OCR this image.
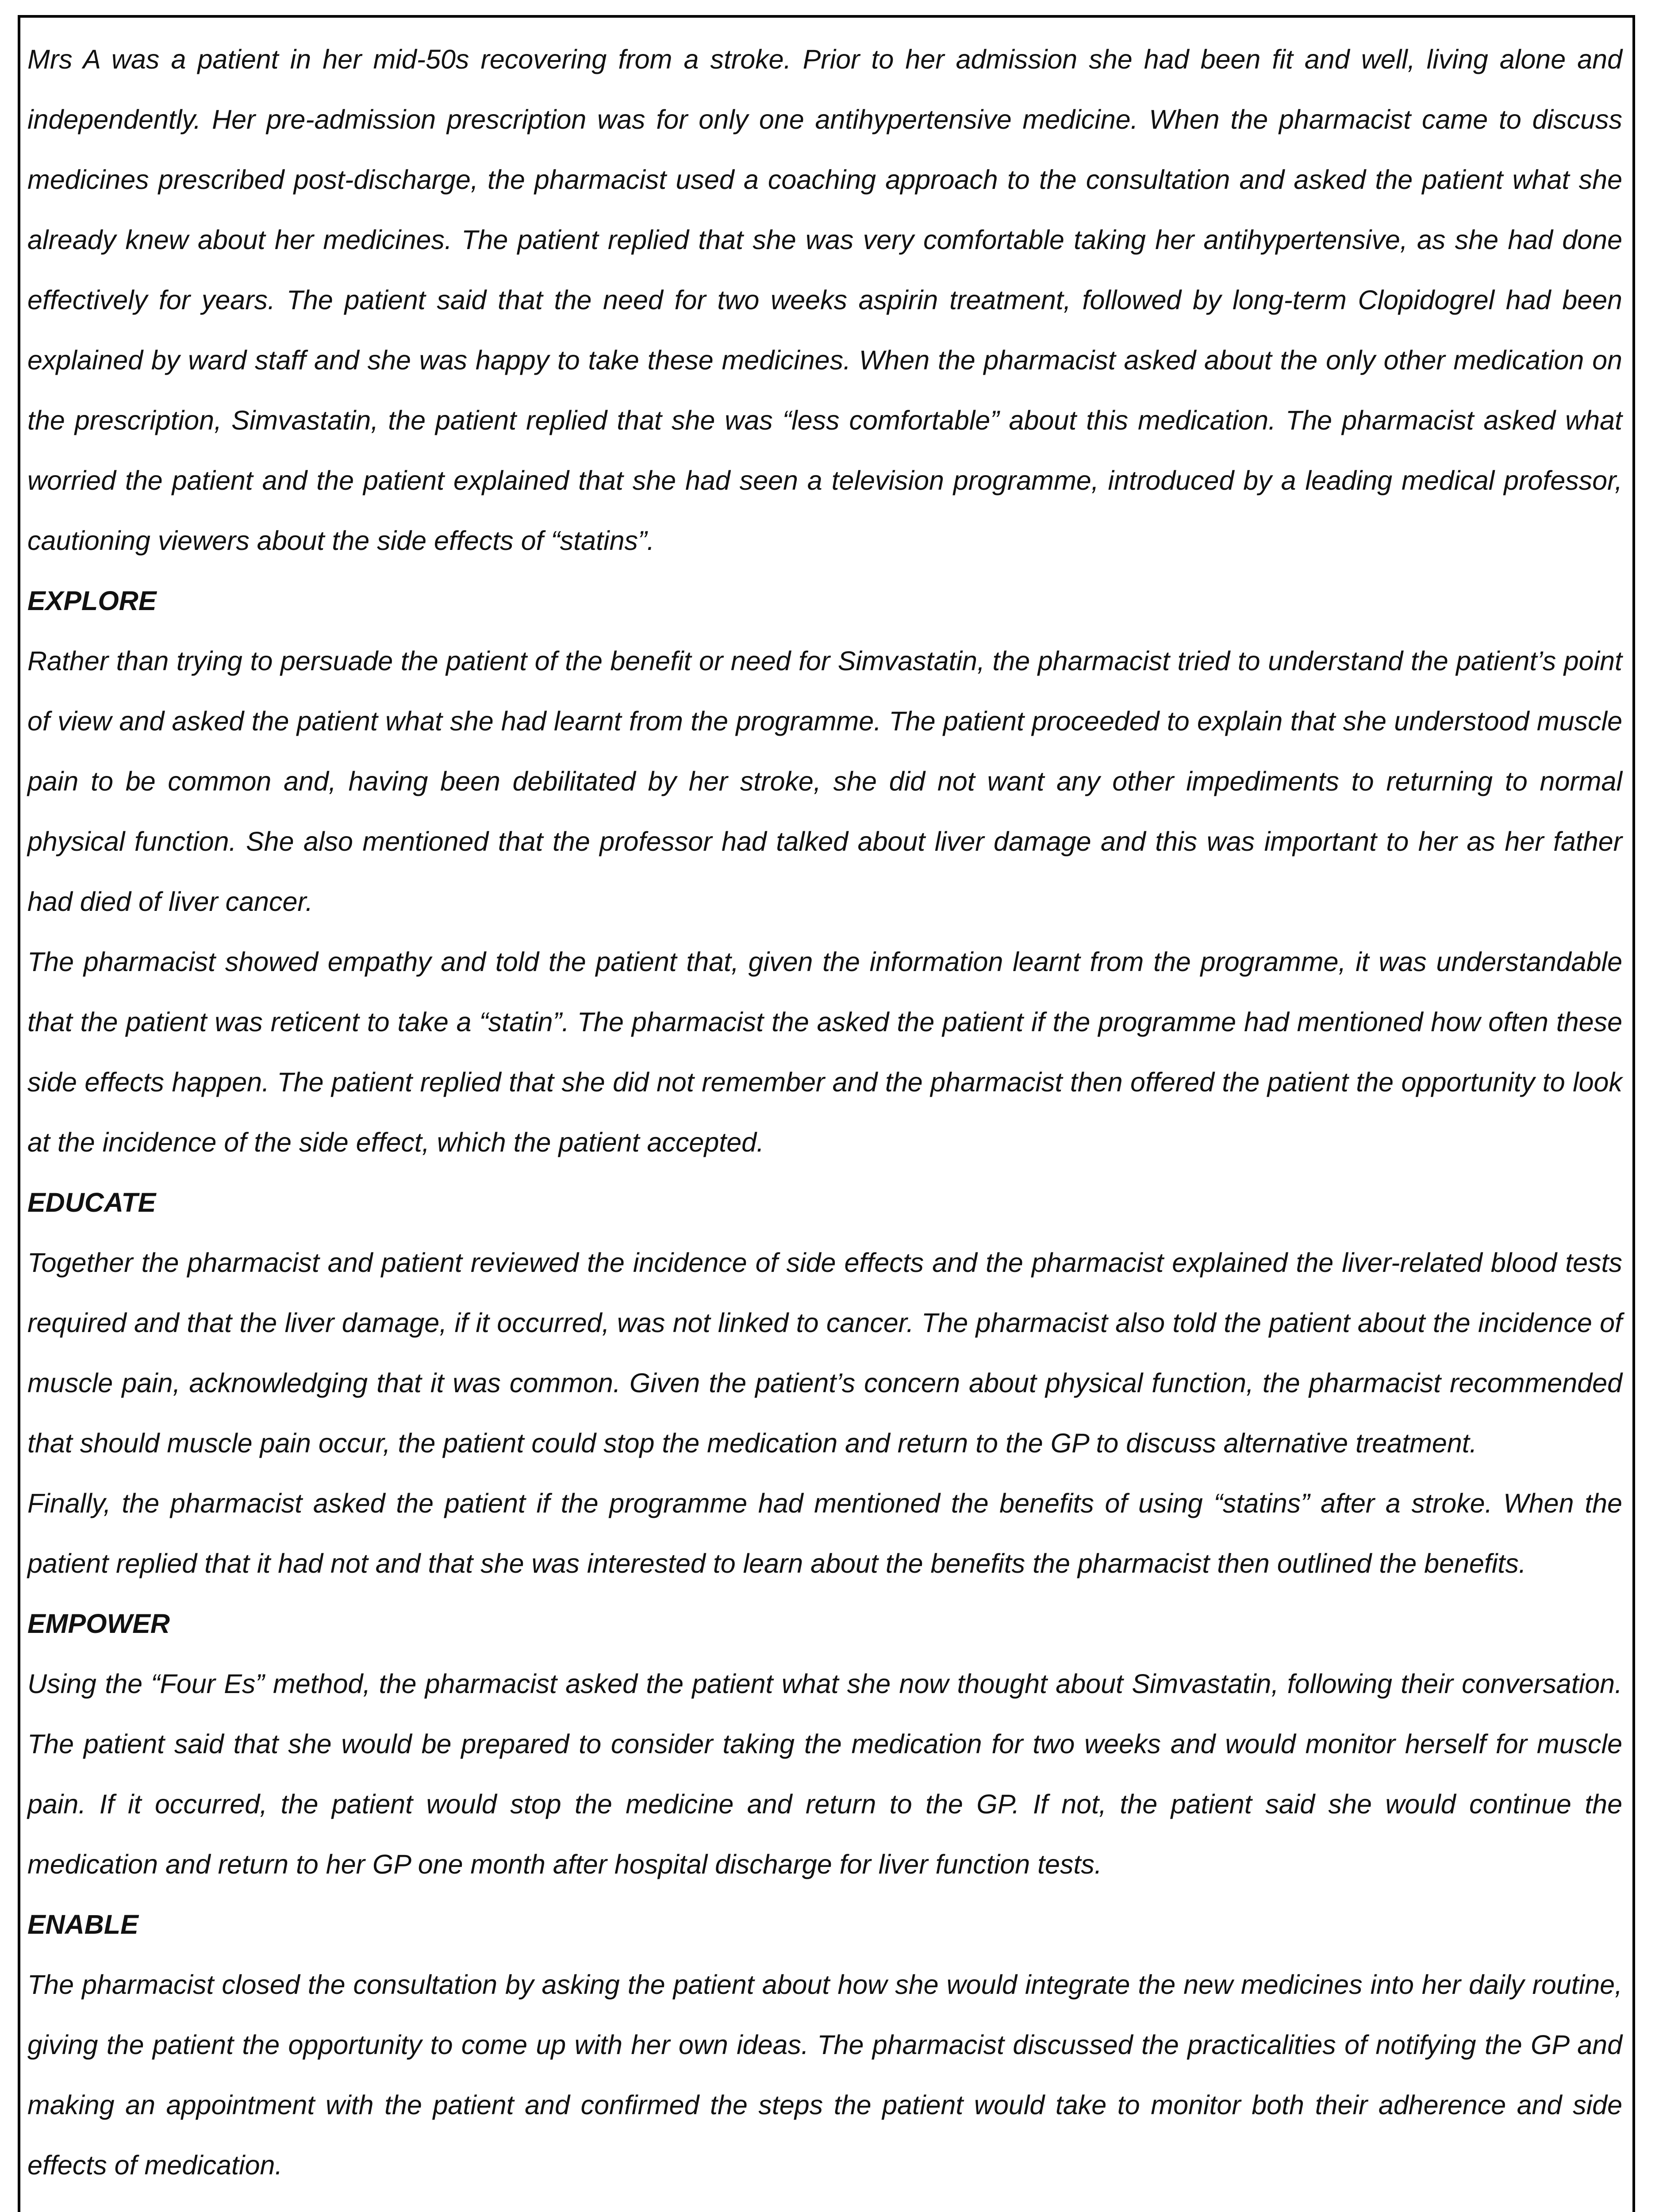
Mrs A was a patient in her mid-50s recovering from a stroke. Prior to her admission she had been fit and well, living alone and independently. Her pre-admission prescription was for only one antihypertensive medicine. When the pharmacist came to discuss medicines prescribed post-discharge, the pharmacist used a coaching approach to the consultation and asked the patient what she already knew about her medicines. The patient replied that she was very comfortable taking her antihypertensive, as she had done effectively for years. The patient said that the need for two weeks aspirin treatment, followed by long-term Clopidogrel had been explained by ward staff and she was happy to take these medicines. When the pharmacist asked about the only other medication on the prescription, Simvastatin, the patient replied that she was “less comfortable” about this medication. The pharmacist asked what worried the patient and the patient explained that she had seen a television programme, introduced by a leading medical professor, cautioning viewers about the side effects of “statins”.

EXPLORE

Rather than trying to persuade the patient of the benefit or need for Simvastatin, the pharmacist tried to understand the patient’s point of view and asked the patient what she had learnt from the programme. The patient proceeded to explain that she understood muscle pain to be common and, having been debilitated by her stroke, she did not want any other impediments to returning to normal physical function. She also mentioned that the professor had talked about liver damage and this was important to her as her father had died of liver cancer.

The pharmacist showed empathy and told the patient that, given the information learnt from the programme, it was understandable that the patient was reticent to take a “statin”. The pharmacist the asked the patient if the programme had mentioned how often these side effects happen. The patient replied that she did not remember and the pharmacist then offered the patient the opportunity to look at the incidence of the side effect, which the patient accepted.

EDUCATE

Together the pharmacist and patient reviewed the incidence of side effects and the pharmacist explained the liver-related blood tests required and that the liver damage, if it occurred, was not linked to cancer. The pharmacist also told the patient about the incidence of muscle pain, acknowledging that it was common. Given the patient’s concern about physical function, the pharmacist recommended that should muscle pain occur, the patient could stop the medication and return to the GP to discuss alternative treatment.

Finally, the pharmacist asked the patient if the programme had mentioned the benefits of using “statins” after a stroke. When the patient replied that it had not and that she was interested to learn about the benefits the pharmacist then outlined the benefits.

EMPOWER

Using the “Four Es” method, the pharmacist asked the patient what she now thought about Simvastatin, following their conversation. The patient said that she would be prepared to consider taking the medication for two weeks and would monitor herself for muscle pain. If it occurred, the patient would stop the medicine and return to the GP. If not, the patient said she would continue the medication and return to her GP one month after hospital discharge for liver function tests.

ENABLE

The pharmacist closed the consultation by asking the patient about how she would integrate the new medicines into her daily routine, giving the patient the opportunity to come up with her own ideas. The pharmacist discussed the practicalities of notifying the GP and making an appointment with the patient and confirmed the steps the patient would take to monitor both their adherence and side effects of medication.
